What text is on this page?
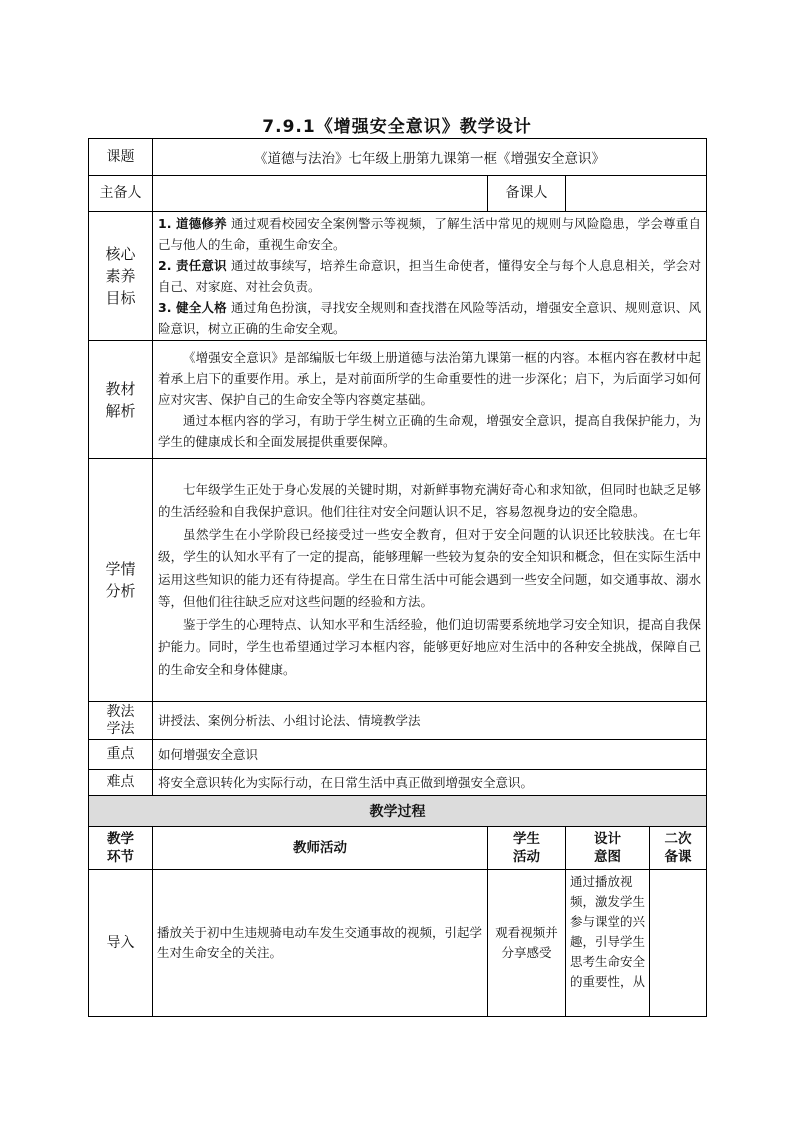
7.9.1《增强安全意识》教学设计
课题	《道德与法治》七年级上册第九课第一框《增强安全意识》			
主备人		备课人		

核心素养目标	1. 道德修养 通过观看校园安全案例警示等视频，了解生活中常见的规则与风险隐患，学会尊重自己与他人的生命，重视生命安全。
2. 责任意识 通过故事续写，培养生命意识，担当生命使者，懂得安全与每个人息息相关，学会对自己、对家庭、对社会负责。
3. 健全人格 通过角色扮演，寻找安全规则和查找潜在风险等活动，增强安全意识、规则意识、风险意识，树立正确的生命安全观。			

教材解析	《增强安全意识》是部编版七年级上册道德与法治第九课第一框的内容。本框内容在教材中起着承上启下的重要作用。承上，是对前面所学的生命重要性的进一步深化；启下，为后面学习如何应对灾害、保护自己的生命安全等内容奠定基础。
通过本框内容的学习，有助于学生树立正确的生命观，增强安全意识，提高自我保护能力，为学生的健康成长和全面发展提供重要保障。			

学情分析	七年级学生正处于身心发展的关键时期，对新鲜事物充满好奇心和求知欲，但同时也缺乏足够的生活经验和自我保护意识。他们往往对安全问题认识不足，容易忽视身边的安全隐患。
虽然学生在小学阶段已经接受过一些安全教育，但对于安全问题的认识还比较肤浅。在七年级，学生的认知水平有了一定的提高，能够理解一些较为复杂的安全知识和概念，但在实际生活中运用这些知识的能力还有待提高。学生在日常生活中可能会遇到一些安全问题，如交通事故、溺水等，但他们往往缺乏应对这些问题的经验和方法。
鉴于学生的心理特点、认知水平和生活经验，他们迫切需要系统地学习安全知识，提高自我保护能力。同时，学生也希望通过学习本框内容，能够更好地应对生活中的各种安全挑战，保障自己的生命安全和身体健康。			

教法学法	讲授法、案例分析法、小组讨论法、情境教学法			
重点	如何增强安全意识			
难点	将安全意识转化为实际行动，在日常生活中真正做到增强安全意识。			
教学过程				

教学环节	教师活动	学生活动	设计意图	二次备课

导入	播放关于初中生违规骑电动车发生交通事故的视频，引起学生对生命安全的关注。	观看视频并分享感受	通过播放视频，激发学生参与课堂的兴趣，引导学生思考生命安全的重要性，从	
